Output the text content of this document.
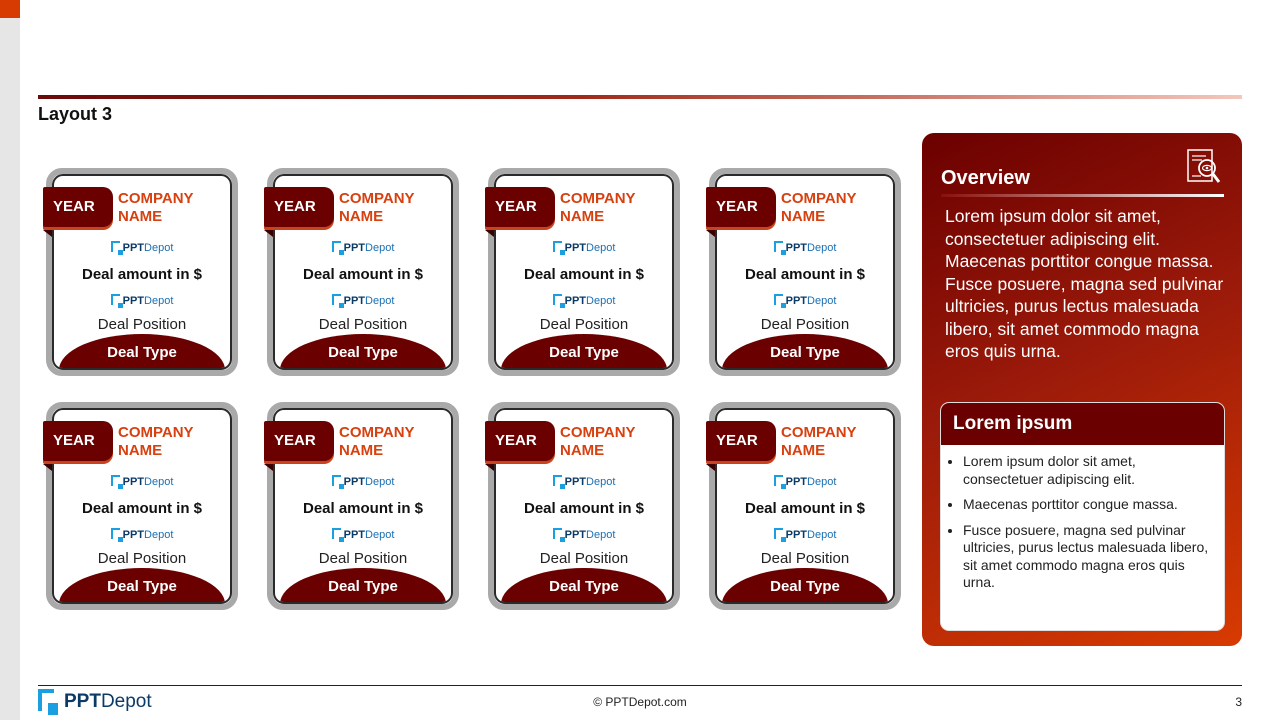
Layout 3
COMPANY NAME
PPTDepot
Deal amount in $
PPTDepot
Deal Position
Deal Type
YEAR	COMPANY NAME
PPTDepot
Deal amount in $
PPTDepot
Deal Position
Deal Type
YEAR	COMPANY NAME
PPTDepot
Deal amount in $
PPTDepot
Deal Position
Deal Type
YEAR	COMPANY NAME
PPTDepot
Deal amount in $
PPTDepot
Deal Position
Deal Type
YEAR
COMPANY NAME
PPTDepot
Deal amount in $
PPTDepot
Deal Position
Deal Type
YEAR	COMPANY NAME
PPTDepot
Deal amount in $
PPTDepot
Deal Position
Deal Type
YEAR	COMPANY NAME
PPTDepot
Deal amount in $
PPTDepot
Deal Position
Deal Type
YEAR	COMPANY NAME
PPTDepot
Deal amount in $
PPTDepot
Deal Position
Deal Type
YEAR
Overview
Lorem ipsum dolor sit amet, consectetuer adipiscing elit. Maecenas porttitor congue massa. Fusce posuere, magna sed pulvinar ultricies, purus lectus malesuada libero, sit amet commodo magna eros quis urna.
Lorem ipsum
• Lorem ipsum dolor sit amet, consectetuer adipiscing elit.
• Maecenas porttitor congue massa.
• Fusce posuere, magna sed pulvinar ultricies, purus lectus malesuada libero, sit amet commodo magna eros quis urna.
PPTDepot	© PPTDepot.com	3
